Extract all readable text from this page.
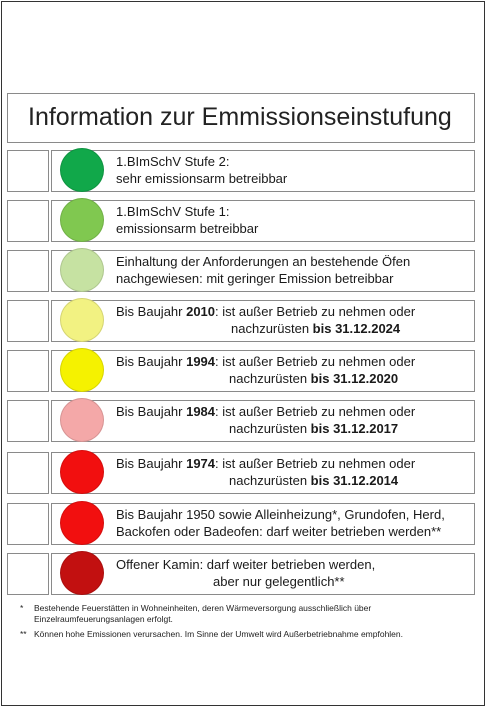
Information zur Emmissionseinstufung
1.BImSchV Stufe 2:
sehr emissionsarm betreibbar
1.BImSchV Stufe 1:
emissionsarm betreibbar
Einhaltung der Anforderungen an bestehende Öfen
nachgewiesen: mit geringer Emission betreibbar
Bis Baujahr 2010: ist außer Betrieb zu nehmen oder
nachzurüsten bis 31.12.2024
Bis Baujahr 1994: ist außer Betrieb zu nehmen oder
nachzurüsten bis 31.12.2020
Bis Baujahr 1984: ist außer Betrieb zu nehmen oder
nachzurüsten bis 31.12.2017
Bis Baujahr 1974: ist außer Betrieb zu nehmen oder
nachzurüsten bis 31.12.2014
Bis Baujahr 1950 sowie Alleinheizung*, Grundofen, Herd,
Backofen oder Badeofen: darf weiter betrieben werden**
Offener Kamin: darf weiter betrieben werden,
aber nur gelegentlich**
* Bestehende Feuerstätten in Wohneinheiten, deren Wärmeversorgung ausschließlich über Einzelraumfeuerungsanlagen erfolgt.
** Können hohe Emissionen verursachen. Im Sinne der Umwelt wird Außerbetriebnahme empfohlen.
